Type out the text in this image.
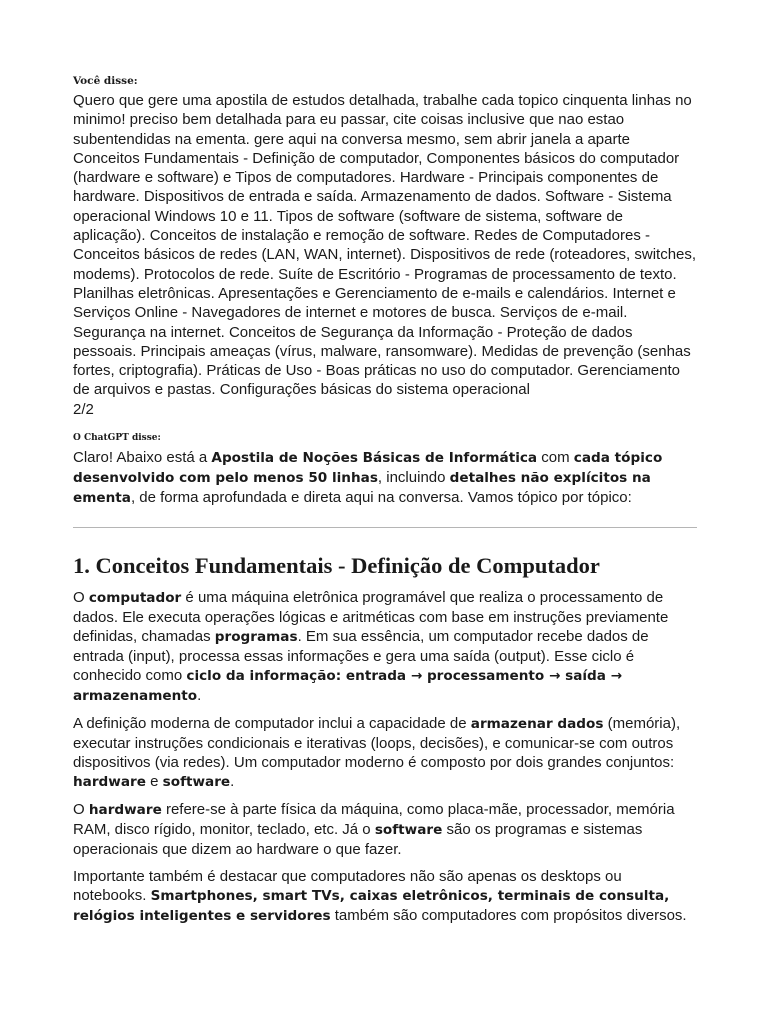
Você disse:

Quero que gere uma apostila de estudos detalhada, trabalhe cada topico cinquenta linhas no minimo! preciso bem detalhada para eu passar, cite coisas inclusive que nao estao subentendidas na ementa. gere aqui na conversa mesmo, sem abrir janela a aparte Conceitos Fundamentais - Definição de computador, Componentes básicos do computador (hardware e software) e Tipos de computadores. Hardware - Principais componentes de hardware. Dispositivos de entrada e saída. Armazenamento de dados. Software - Sistema operacional Windows 10 e 11. Tipos de software (software de sistema, software de aplicação). Conceitos de instalação e remoção de software. Redes de Computadores - Conceitos básicos de redes (LAN, WAN, internet). Dispositivos de rede (roteadores, switches, modems). Protocolos de rede. Suíte de Escritório - Programas de processamento de texto. Planilhas eletrônicas. Apresentações e Gerenciamento de e-mails e calendários. Internet e Serviços Online - Navegadores de internet e motores de busca. Serviços de e-mail. Segurança na internet. Conceitos de Segurança da Informação - Proteção de dados pessoais. Principais ameaças (vírus, malware, ransomware). Medidas de prevenção (senhas fortes, criptografia). Práticas de Uso - Boas práticas no uso do computador. Gerenciamento de arquivos e pastas. Configurações básicas do sistema operacional

2/2

O ChatGPT disse:

Claro! Abaixo está a Apostila de Noções Básicas de Informática com cada tópico desenvolvido com pelo menos 50 linhas, incluindo detalhes não explícitos na ementa, de forma aprofundada e direta aqui na conversa. Vamos tópico por tópico:

1. Conceitos Fundamentais - Definição de Computador

O computador é uma máquina eletrônica programável que realiza o processamento de dados. Ele executa operações lógicas e aritméticas com base em instruções previamente definidas, chamadas programas. Em sua essência, um computador recebe dados de entrada (input), processa essas informações e gera uma saída (output). Esse ciclo é conhecido como ciclo da informação: entrada → processamento → saída → armazenamento.

A definição moderna de computador inclui a capacidade de armazenar dados (memória), executar instruções condicionais e iterativas (loops, decisões), e comunicar-se com outros dispositivos (via redes). Um computador moderno é composto por dois grandes conjuntos: hardware e software.

O hardware refere-se à parte física da máquina, como placa-mãe, processador, memória RAM, disco rígido, monitor, teclado, etc. Já o software são os programas e sistemas operacionais que dizem ao hardware o que fazer.

Importante também é destacar que computadores não são apenas os desktops ou notebooks. Smartphones, smart TVs, caixas eletrônicos, terminais de consulta, relógios inteligentes e servidores também são computadores com propósitos diversos.
